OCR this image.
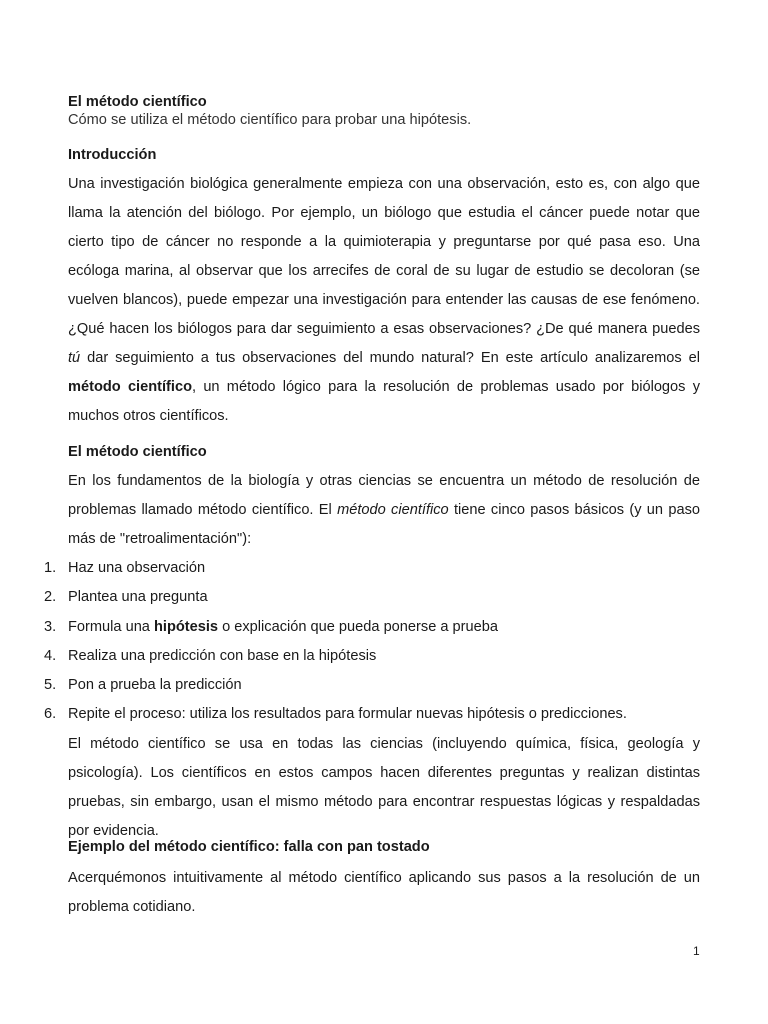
El método científico
Cómo se utiliza el método científico para probar una hipótesis.
Introducción
Una investigación biológica generalmente empieza con una observación, esto es, con algo que llama la atención del biólogo. Por ejemplo, un biólogo que estudia el cáncer puede notar que cierto tipo de cáncer no responde a la quimioterapia y preguntarse por qué pasa eso. Una ecóloga marina, al observar que los arrecifes de coral de su lugar de estudio se decoloran (se vuelven blancos), puede empezar una investigación para entender las causas de ese fenómeno. ¿Qué hacen los biólogos para dar seguimiento a esas observaciones? ¿De qué manera puedes tú dar seguimiento a tus observaciones del mundo natural? En este artículo analizaremos el método científico, un método lógico para la resolución de problemas usado por biólogos y muchos otros científicos.
El método científico
En los fundamentos de la biología y otras ciencias se encuentra un método de resolución de problemas llamado método científico. El método científico tiene cinco pasos básicos (y un paso más de "retroalimentación"):
1. Haz una observación
2. Plantea una pregunta
3. Formula una hipótesis o explicación que pueda ponerse a prueba
4. Realiza una predicción con base en la hipótesis
5. Pon a prueba la predicción
6. Repite el proceso: utiliza los resultados para formular nuevas hipótesis o predicciones.
El método científico se usa en todas las ciencias (incluyendo química, física, geología y psicología). Los científicos en estos campos hacen diferentes preguntas y realizan distintas pruebas, sin embargo, usan el mismo método para encontrar respuestas lógicas y respaldadas por evidencia.
Ejemplo del método científico: falla con pan tostado
Acerquémonos intuitivamente al método científico aplicando sus pasos a la resolución de un problema cotidiano.
1
